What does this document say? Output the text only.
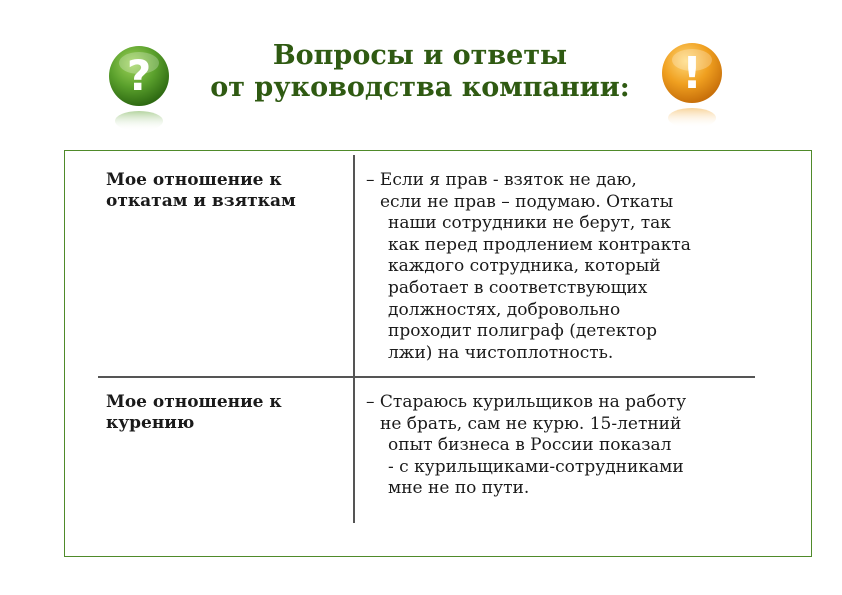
Вопросы и ответы
от руководства компании:
?	!
Мое отношение к
откатам и взяткам
– Если я прав - взяток не даю,
если не прав – подумаю. Откаты
наши сотрудники не берут, так
как перед продлением контракта
каждого сотрудника, который
работает в соответствующих
должностях, добровольно
проходит полиграф (детектор
лжи) на чистоплотность.
Мое отношение к
курению
– Стараюсь курильщиков на работу
не брать, сам не курю. 15-летний
опыт бизнеса в России показал
- с курильщиками-сотрудниками
мне не по пути.
